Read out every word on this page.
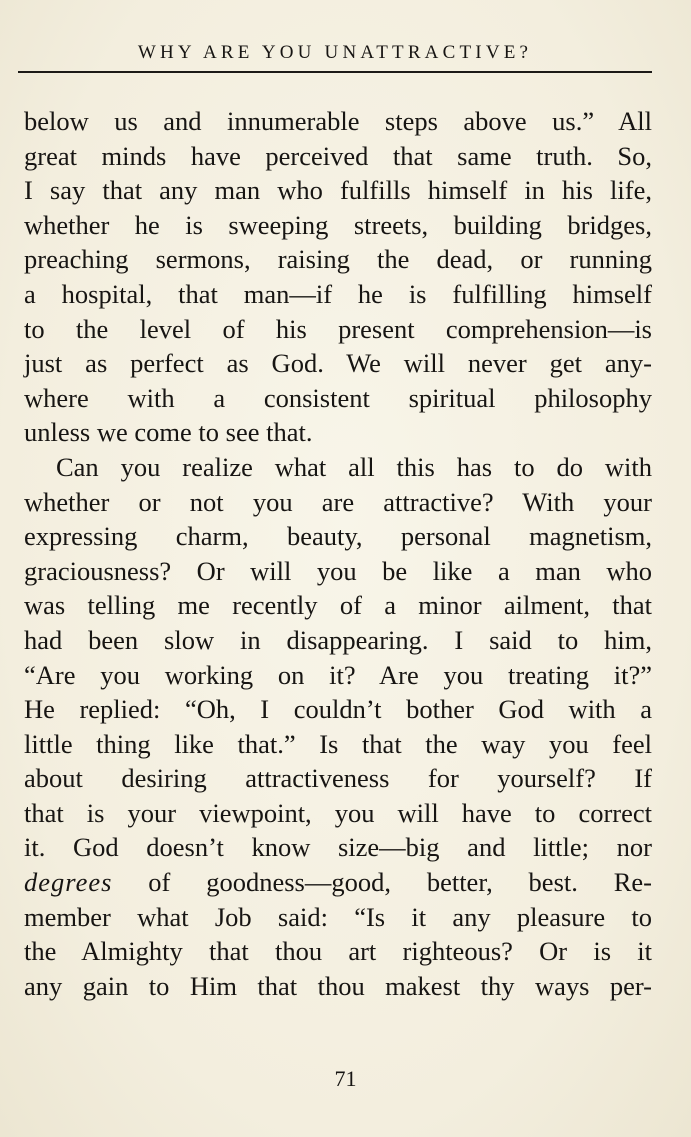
WHY ARE YOU UNATTRACTIVE?
below us and innumerable steps above us.” All
great minds have perceived that same truth. So,
I say that any man who fulfills himself in his life,
whether he is sweeping streets, building bridges,
preaching sermons, raising the dead, or running
a hospital, that man—if he is fulfilling himself
to the level of his present comprehension—is
just as perfect as God. We will never get any-
where with a consistent spiritual philosophy
unless we come to see that.
Can you realize what all this has to do with
whether or not you are attractive? With your
expressing charm, beauty, personal magnetism,
graciousness? Or will you be like a man who
was telling me recently of a minor ailment, that
had been slow in disappearing. I said to him,
“Are you working on it? Are you treating it?”
He replied: “Oh, I couldn’t bother God with a
little thing like that.” Is that the way you feel
about desiring attractiveness for yourself? If
that is your viewpoint, you will have to correct
it. God doesn’t know size—big and little; nor
degrees of goodness—good, better, best. Re-
member what Job said: “Is it any pleasure to
the Almighty that thou art righteous? Or is it
any gain to Him that thou makest thy ways per-
71
